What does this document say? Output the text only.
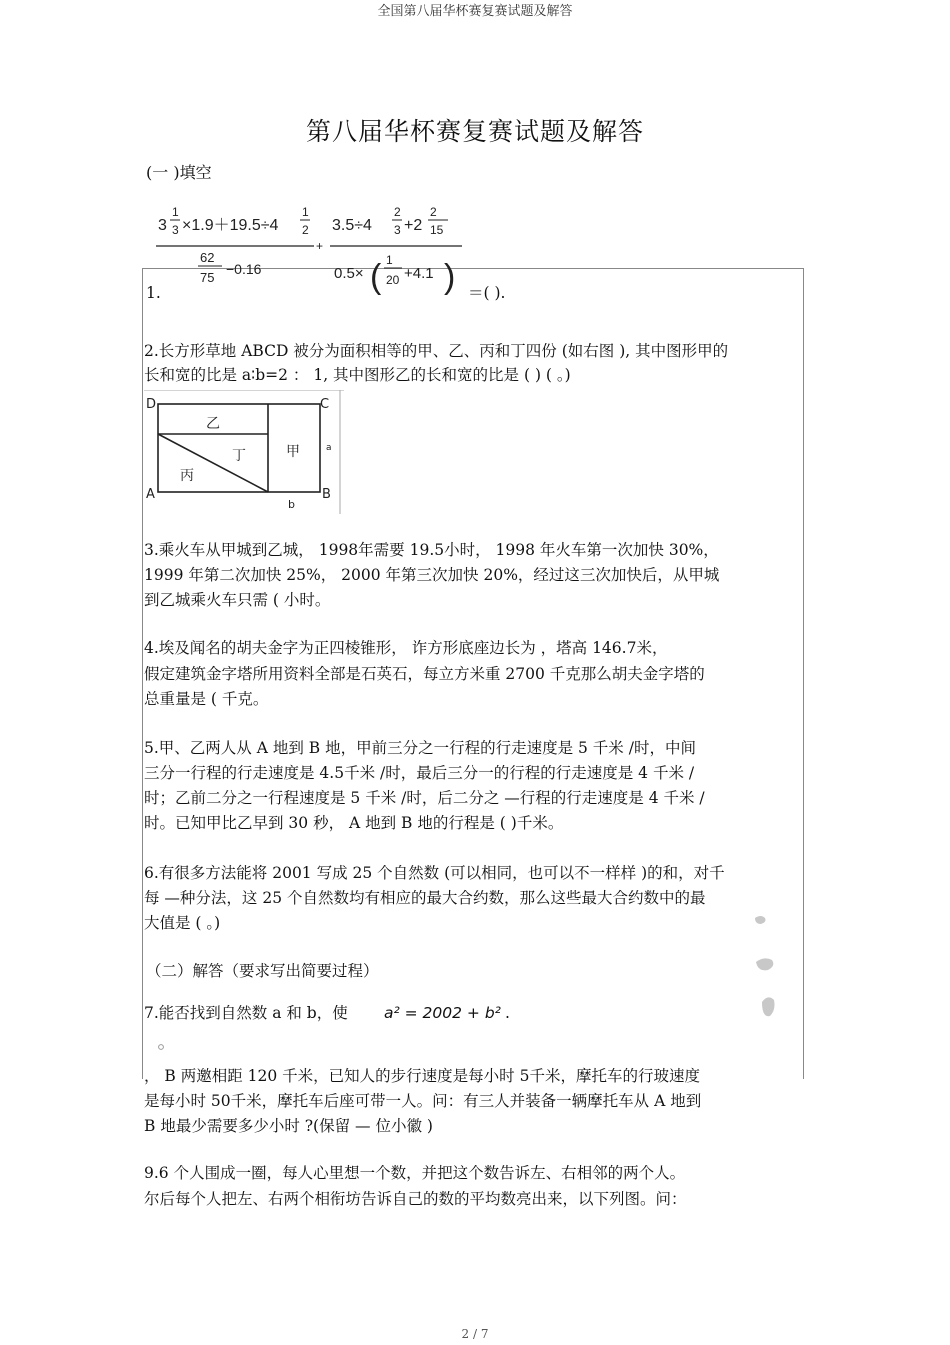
全国第八届华杯赛复赛试题及解答
第八届华杯赛复赛试题及解答
(一 )填空
3
1
3 ×1.9＋19.5÷4
1
2
62
75
−0.16
+
3.5÷4
2
3 +2
2
15
0.5× ( 1
20 +4.1 )
1.	＝( ).
2.长方形草地 ABCD 被分为面积相等的甲、乙、丙和丁四份 (如右图 ), 其中图形甲的
长和宽的比是 a∶b=2 ： 1, 其中图形乙的长和宽的比是 ( ) ( 。)
D	C
A	B
乙
丁
丙
甲	a
b
3.乘火车从甲城到乙城， 1998年需要 19.5小时， 1998 年火车第一次加快 30%，
1999 年第二次加快 25%， 2000 年第三次加快 20%，经过这三次加快后，从甲城
到乙城乘火车只需 ( 小时。
4.埃及闻名的胡夫金字为正四棱锥形， 诈方形底座边长为 ，塔高 146.7米，
假定建筑金字塔所用资料全部是石英石，每立方米重 2700 千克那么胡夫金字塔的
总重量是 ( 千克。
5.甲、乙两人从 A 地到 B 地，甲前三分之一行程的行走速度是 5 千米 /时，中间
三分一行程的行走速度是 4.5千米 /时，最后三分一的行程的行走速度是 4 千米 /
时；乙前二分之一行程速度是 5 千米 /时，后二分之 —行程的行走速度是 4 千米 /
时。已知甲比乙早到 30 秒， A 地到 B 地的行程是 ( )千米。
6.有很多方法能将 2001 写成 25 个自然数 (可以相同，也可以不一样样 )的和，对千
每 —种分法，这 25 个自然数均有相应的最大合约数，那么这些最大合约数中的最
大值是 ( 。)
（二）解答（要求写出简要过程）
7.能否找到自然数 a 和 b，使 a² = 2002 + b² .
， B 两邀相距 120 千米，已知人的步行速度是每小时 5千米，摩托车的行玻速度
是每小时 50千米，摩托车后座可带一人。问：有三人并装备一辆摩托车从 A 地到
B 地最少需要多少小时 ?(保留 — 位小徽 )
9.6 个人围成一圈，每人心里想一个数，并把这个数告诉左、右相邻的两个人。
尔后每个人把左、右两个相衔坊告诉自己的数的平均数亮出来，以下列图。问：
2 / 7
